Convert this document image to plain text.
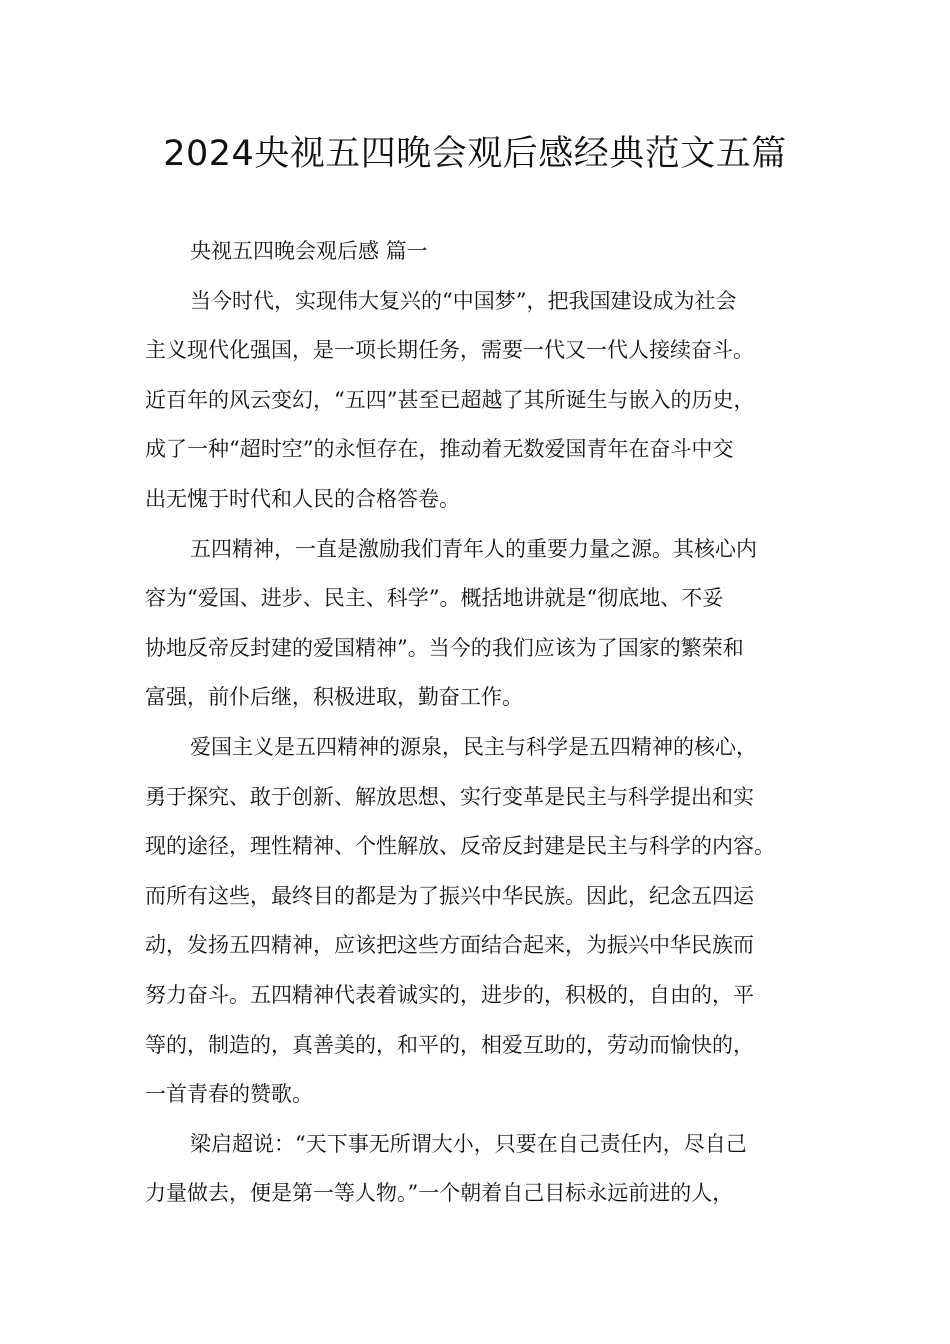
2024央视五四晚会观后感经典范文五篇
央视五四晚会观后感 篇一
当今时代，实现伟大复兴的“中国梦”，把我国建设成为社会
主义现代化强国，是一项长期任务，需要一代又一代人接续奋斗。
近百年的风云变幻，“五四”甚至已超越了其所诞生与嵌入的历史，
成了一种“超时空”的永恒存在，推动着无数爱国青年在奋斗中交
出无愧于时代和人民的合格答卷。
五四精神，一直是激励我们青年人的重要力量之源。其核心内
容为“爱国、进步、民主、科学”。概括地讲就是“彻底地、不妥
协地反帝反封建的爱国精神”。当今的我们应该为了国家的繁荣和
富强，前仆后继，积极进取，勤奋工作。
爱国主义是五四精神的源泉，民主与科学是五四精神的核心，
勇于探究、敢于创新、解放思想、实行变革是民主与科学提出和实
现的途径，理性精神、个性解放、反帝反封建是民主与科学的内容。
而所有这些，最终目的都是为了振兴中华民族。因此，纪念五四运
动，发扬五四精神，应该把这些方面结合起来，为振兴中华民族而
努力奋斗。五四精神代表着诚实的，进步的，积极的，自由的，平
等的，制造的，真善美的，和平的，相爱互助的，劳动而愉快的，
一首青春的赞歌。
梁启超说：“天下事无所谓大小，只要在自己责任内，尽自己
力量做去，便是第一等人物。”一个朝着自己目标永远前进的人，
